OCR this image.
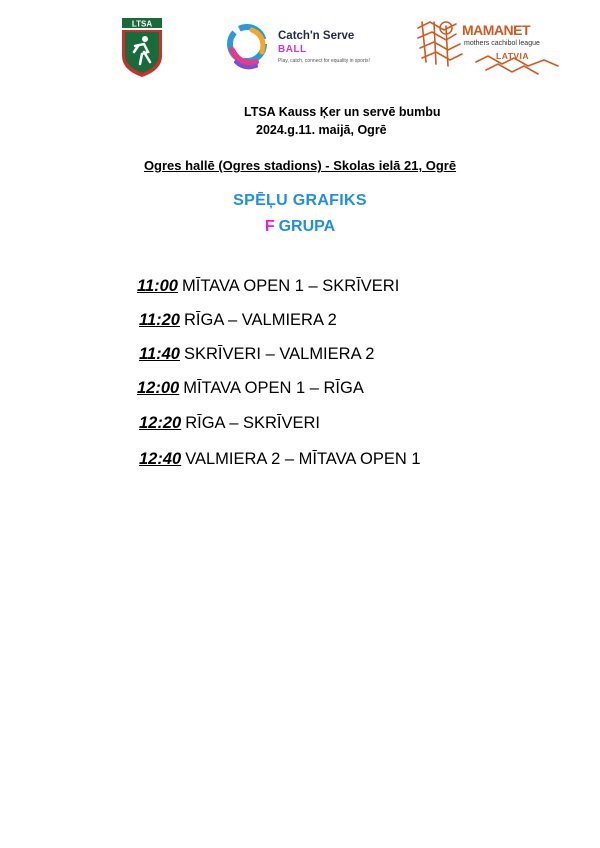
LTSA
Catch'n Serve
BALL
Play, catch, connect for equality in sports!
MAMANET
mothers cachibol league
LATVIA
LTSA Kauss Ķer un servē bumbu
2024.g.11. maijā, Ogrē
Ogres hallē (Ogres stadions) - Skolas ielā 21, Ogrē
SPĒĻU GRAFIKS
F GRUPA
11:00 MĪTAVA OPEN 1 – SKRĪVERI
11:20 RĪGA – VALMIERA 2
11:40 SKRĪVERI – VALMIERA 2
12:00 MĪTAVA OPEN 1 – RĪGA
12:20 RĪGA – SKRĪVERI
12:40 VALMIERA 2 – MĪTAVA OPEN 1
